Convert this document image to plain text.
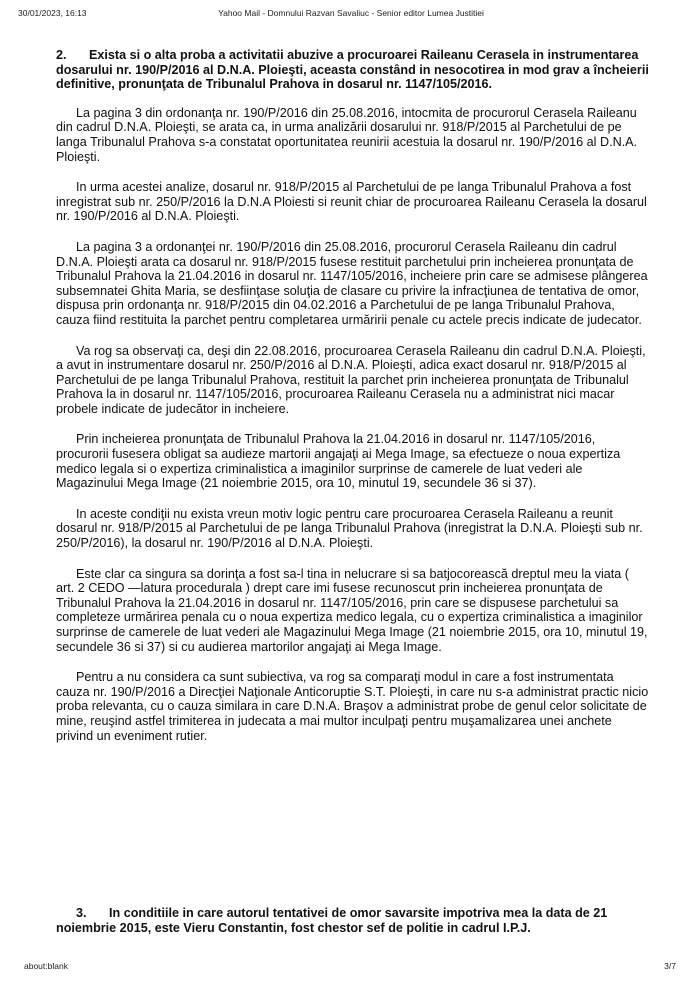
30/01/2023, 16:13	Yahoo Mail - Domnului Razvan Savaliuc - Senior editor Lumea Justitiei
2. Exista si o alta proba a activitatii abuzive a procuroarei Raileanu Cerasela in instrumentarea dosarului nr. 190/P/2016 al D.N.A. Ploieşti, aceasta constând in nesocotirea in mod grav a încheierii definitive, pronunţata de Tribunalul Prahova in dosarul nr. 1147/105/2016.

La pagina 3 din ordonanţa nr. 190/P/2016 din 25.08.2016, intocmita de procurorul Cerasela Raileanu din cadrul D.N.A. Ploieşti, se arata ca, in urma analizării dosarului nr. 918/P/2015 al Parchetului de pe langa Tribunalul Prahova s-a constatat oportunitatea reunirii acestuia la dosarul nr. 190/P/2016 al D.N.A. Ploieşti.

In urma acestei analize, dosarul nr. 918/P/2015 al Parchetului de pe langa Tribunalul Prahova a fost inregistrat sub nr. 250/P/2016 la D.N.A Ploiesti si reunit chiar de procuroarea Raileanu Cerasela la dosarul nr. 190/P/2016 al D.N.A. Ploieşti.

La pagina 3 a ordonanţei nr. 190/P/2016 din 25.08.2016, procurorul Cerasela Raileanu din cadrul D.N.A. Ploieşti arata ca dosarul nr. 918/P/2015 fusese restituit parchetului prin incheierea pronunţata de Tribunalul Prahova la 21.04.2016 in dosarul nr. 1147/105/2016, incheiere prin care se admisese plângerea subsemnatei Ghita Maria, se desfiinţase soluţia de clasare cu privire la infracţiunea de tentativa de omor, dispusa prin ordonanţa nr. 918/P/2015 din 04.02.2016 a Parchetului de pe langa Tribunalul Prahova, cauza fiind restituita la parchet pentru completarea urmăririi penale cu actele precis indicate de judecator.

Va rog sa observaţi ca, deşi din 22.08.2016, procuroarea Cerasela Raileanu din cadrul D.N.A. Ploieşti, a avut in instrumentare dosarul nr. 250/P/2016 al D.N.A. Ploieşti, adica exact dosarul nr. 918/P/2015 al Parchetului de pe langa Tribunalul Prahova, restituit la parchet prin incheierea pronunţata de Tribunalul Prahova la in dosarul nr. 1147/105/2016, procuroarea Raileanu Cerasela nu a administrat nici macar probele indicate de judecător in incheiere.

Prin incheierea pronunţata de Tribunalul Prahova la 21.04.2016 in dosarul nr. 1147/105/2016, procurorii fusesera obligat sa audieze martorii angajaţi ai Mega Image, sa efectueze o noua expertiza medico legala si o expertiza criminalistica a imaginilor surprinse de camerele de luat vederi ale Magazinului Mega Image (21 noiembrie 2015, ora 10, minutul 19, secundele 36 si 37).

In aceste condiţii nu exista vreun motiv logic pentru care procuroarea Cerasela Raileanu a reunit dosarul nr. 918/P/2015 al Parchetului de pe langa Tribunalul Prahova (inregistrat la D.N.A. Ploieşti sub nr. 250/P/2016), la dosarul nr. 190/P/2016 al D.N.A. Ploieşti.

Este clar ca singura sa dorinţa a fost sa-l tina in nelucrare si sa batjocorească dreptul meu la viata ( art. 2 CEDO —latura procedurala ) drept care imi fusese recunoscut prin incheierea pronunţata de Tribunalul Prahova la 21.04.2016 in dosarul nr. 1147/105/2016, prin care se dispusese parchetului sa completeze urmărirea penala cu o noua expertiza medico legala, cu o expertiza criminalistica a imaginilor surprinse de camerele de luat vederi ale Magazinului Mega Image (21 noiembrie 2015, ora 10, minutul 19, secundele 36 si 37) si cu audierea martorilor angajaţi ai Mega Image.

Pentru a nu considera ca sunt subiectiva, va rog sa comparaţi modul in care a fost instrumentata cauza nr. 190/P/2016 a Direcţiei Naţionale Anticoruptie S.T. Ploieşti, in care nu s-a administrat practic nicio proba relevanta, cu o cauza similara in care D.N.A. Braşov a administrat probe de genul celor solicitate de mine, reuşind astfel trimiterea in judecata a mai multor inculpaţi pentru muşamalizarea unei anchete privind un eveniment rutier.

3. In conditiile in care autorul tentativei de omor savarsite impotriva mea la data de 21 noiembrie 2015, este Vieru Constantin, fost chestor sef de politie in cadrul I.P.J.
about:blank	3/7
